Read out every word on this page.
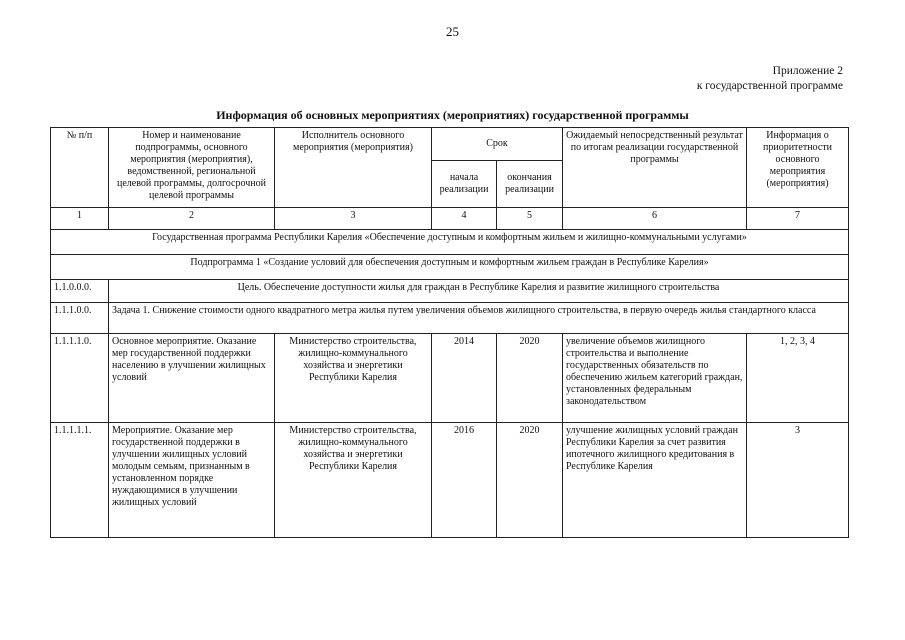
25
Приложение 2
к государственной программе
Информация об основных мероприятиях (мероприятиях) государственной программы
№ п/п	Номер и наименование подпрограммы, основного мероприятия (мероприятия), ведомственной, региональной целевой программы, долгосрочной целевой программы	Исполнитель основного мероприятия (мероприятия)	Срок		Ожидаемый непосредственный результат по итогам реализации государственной программы	Информация о приоритетности основного мероприятия (мероприятия)
			начала реализации	окончания реализации		
1	2	3	4	5	6	7
Государственная программа Республики Карелия «Обеспечение доступным и комфортным жильем и жилищно-коммунальными услугами»						
Подпрограмма 1 «Создание условий для обеспечения доступным и комфортным жильем граждан в Республике Карелия»						
1.1.0.0.0.	Цель. Обеспечение доступности жилья для граждан в Республике Карелия и развитие жилищного строительства					
1.1.1.0.0.	Задача 1. Снижение стоимости одного квадратного метра жилья путем увеличения объемов жилищного строительства, в первую очередь жилья стандартного класса					
1.1.1.1.0.	Основное мероприятие. Оказание мер государственной поддержки населению в улучшении жилищных условий	Министерство строительства, жилищно-коммунального хозяйства и энергетики Республики Карелия	2014	2020	увеличение объемов жилищного строительства и выполнение государственных обязательств по обеспечению жильем категорий граждан, установленных федеральным законодательством	1, 2, 3, 4
1.1.1.1.1.	Мероприятие. Оказание мер государственной поддержки в улучшении жилищных условий молодым семьям, признанным в установленном порядке нуждающимися в улучшении жилищных условий	Министерство строительства, жилищно-коммунального хозяйства и энергетики Республики Карелия	2016	2020	улучшение жилищных условий граждан Республики Карелия за счет развития ипотечного жилищного кредитования в Республике Карелия	3
